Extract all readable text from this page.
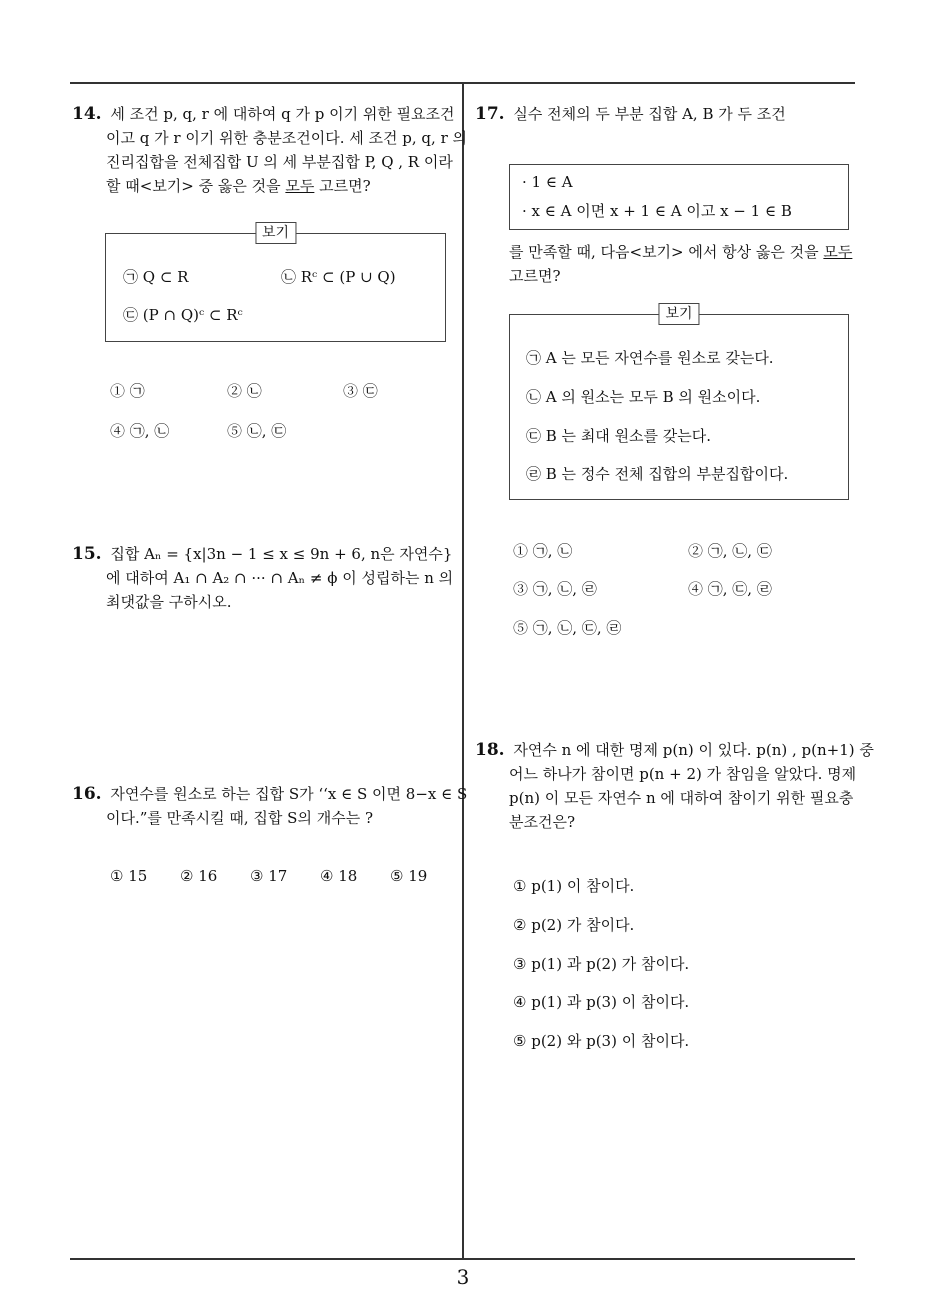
14. 세 조건 p, q, r 에 대하여 q 가 p 이기 위한 필요조건
이고 q 가 r 이기 위한 충분조건이다. 세 조건 p, q, r 의
진리집합을 전체집합 U 의 세 부분집합 P, Q , R 이라
할 때<보기> 중 옳은 것을 모두 고르면?
보기
㉠ Q ⊂ R	㉡ Rᶜ ⊂ (P ∪ Q)
㉢ (P ∩ Q)ᶜ ⊂ Rᶜ
① ㉠	② ㉡	③ ㉢
④ ㉠, ㉡	⑤ ㉡, ㉢
15. 집합 Aₙ = {x|3n − 1 ≤ x ≤ 9n + 6, n은 자연수}
에 대하여 A₁ ∩ A₂ ∩ ··· ∩ Aₙ ≠ ϕ 이 성립하는 n 의
최댓값을 구하시오.
16. 자연수를 원소로 하는 집합 S가 ‘‘x ∈ S 이면 8−x ∈ S
이다.”를 만족시킬 때, 집합 S의 개수는 ?
① 15 ② 16 ③ 17 ④ 18 ⑤ 19
17. 실수 전체의 두 부분 집합 A, B 가 두 조건
· 1 ∈ A
· x ∈ A 이면 x + 1 ∈ A 이고 x − 1 ∈ B
를 만족할 때, 다음<보기> 에서 항상 옳은 것을 모두
고르면?
보기
㉠ A 는 모든 자연수를 원소로 갖는다.
㉡ A 의 원소는 모두 B 의 원소이다.
㉢ B 는 최대 원소를 갖는다.
㉣ B 는 정수 전체 집합의 부분집합이다.
① ㉠, ㉡	② ㉠, ㉡, ㉢
③ ㉠, ㉡, ㉣	④ ㉠, ㉢, ㉣
⑤ ㉠, ㉡, ㉢, ㉣
18. 자연수 n 에 대한 명제 p(n) 이 있다. p(n) , p(n+1) 중
어느 하나가 참이면 p(n + 2) 가 참임을 알았다. 명제
p(n) 이 모든 자연수 n 에 대하여 참이기 위한 필요충
분조건은?
① p(1) 이 참이다.
② p(2) 가 참이다.
③ p(1) 과 p(2) 가 참이다.
④ p(1) 과 p(3) 이 참이다.
⑤ p(2) 와 p(3) 이 참이다.
3
